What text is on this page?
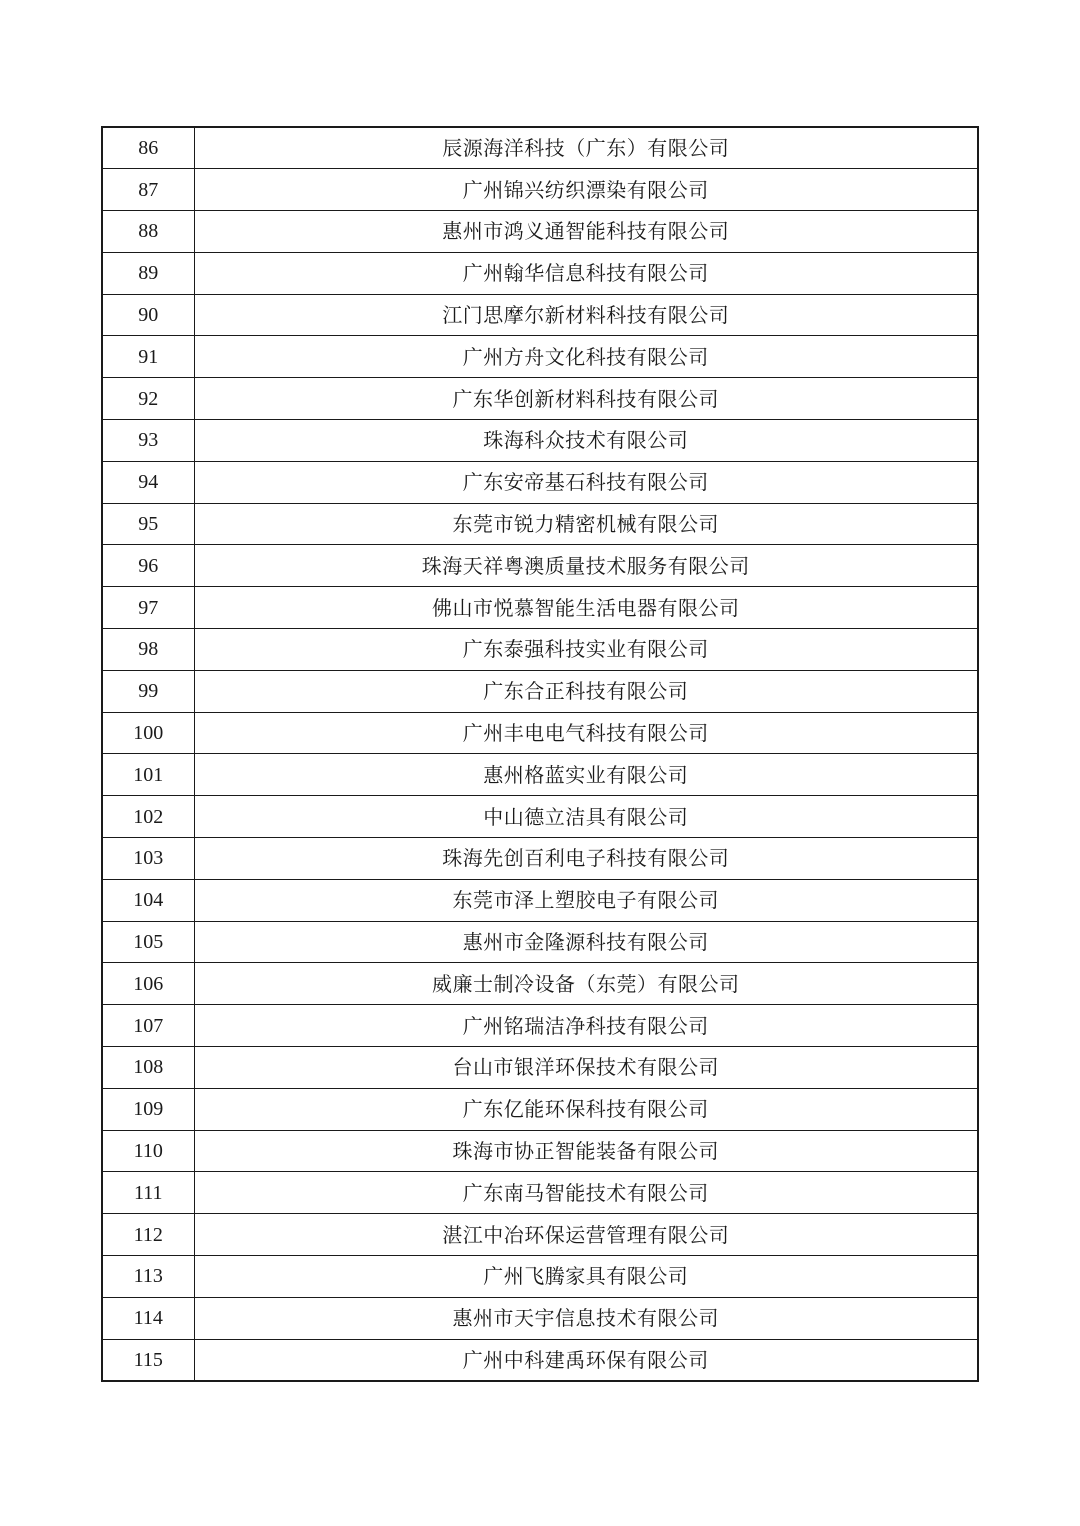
86	辰源海洋科技（广东）有限公司
87	广州锦兴纺织漂染有限公司
88	惠州市鸿义通智能科技有限公司
89	广州翰华信息科技有限公司
90	江门思摩尔新材料科技有限公司
91	广州方舟文化科技有限公司
92	广东华创新材料科技有限公司
93	珠海科众技术有限公司
94	广东安帝基石科技有限公司
95	东莞市锐力精密机械有限公司
96	珠海天祥粤澳质量技术服务有限公司
97	佛山市悦慕智能生活电器有限公司
98	广东泰强科技实业有限公司
99	广东合正科技有限公司
100	广州丰电电气科技有限公司
101	惠州格蓝实业有限公司
102	中山德立洁具有限公司
103	珠海先创百利电子科技有限公司
104	东莞市泽上塑胶电子有限公司
105	惠州市金隆源科技有限公司
106	威廉士制冷设备（东莞）有限公司
107	广州铭瑞洁净科技有限公司
108	台山市银洋环保技术有限公司
109	广东亿能环保科技有限公司
110	珠海市协正智能装备有限公司
111	广东南马智能技术有限公司
112	湛江中冶环保运营管理有限公司
113	广州飞腾家具有限公司
114	惠州市天宇信息技术有限公司
115	广州中科建禹环保有限公司
